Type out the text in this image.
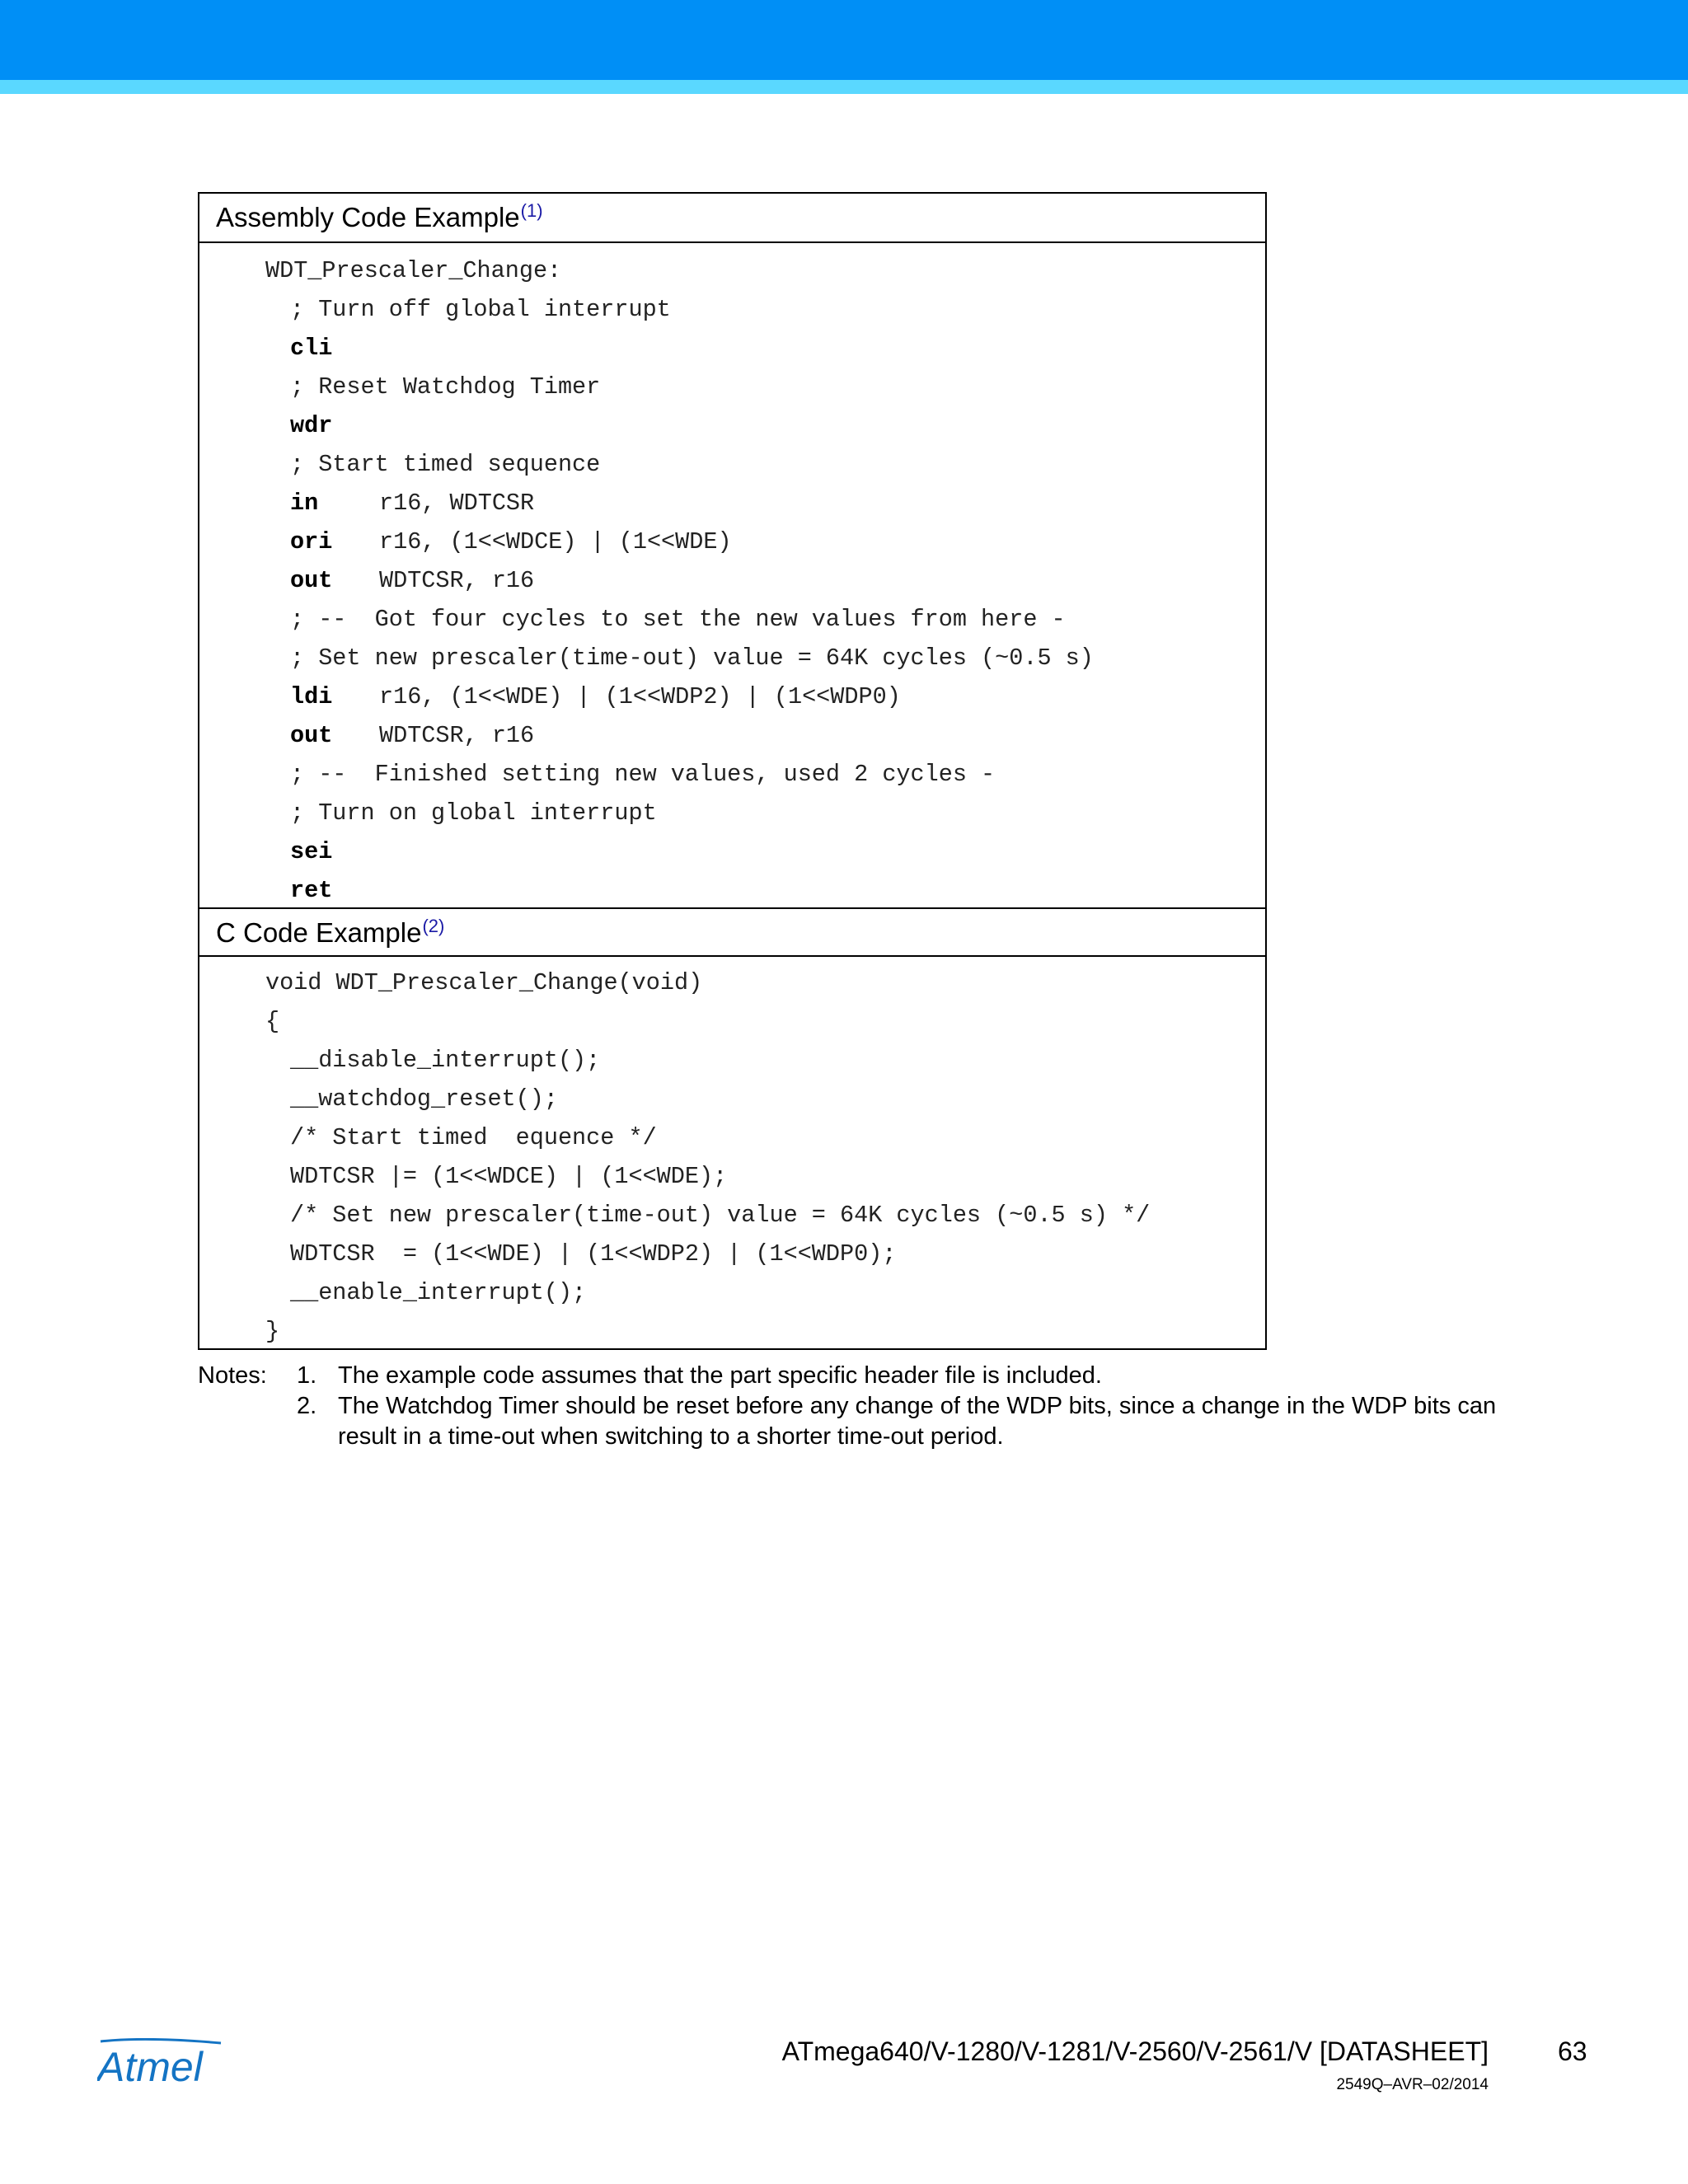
Assembly Code Example$^{(1)}$
WDT_Prescaler_Change:
; Turn off global interrupt
cli
; Reset Watchdog Timer
wdr
; Start timed sequence
in	r16, WDTCSR
ori r16, (1<<WDCE) | (1<<WDE)
out WDTCSR, r16
; --  Got four cycles to set the new values from here -
; Set new prescaler(time-out) value = 64K cycles (~0.5 s)
ldi r16, (1<<WDE) | (1<<WDP2) | (1<<WDP0)
out WDTCSR, r16
; --  Finished setting new values, used 2 cycles -
; Turn on global interrupt
sei
ret
C Code Example$^{(2)}$
void WDT_Prescaler_Change(void)
{
__disable_interrupt();
__watchdog_reset();
/* Start timed  equence */
WDTCSR |= (1<<WDCE) | (1<<WDE);
/* Set new prescaler(time-out) value = 64K cycles (~0.5 s) */
WDTCSR  = (1<<WDE) | (1<<WDP2) | (1<<WDP0);
__enable_interrupt();
}
Notes: 1. The example code assumes that the part specific header file is included.
2. The Watchdog Timer should be reset before any change of the WDP bits, since a change in the WDP bits can result in a time-out when switching to a shorter time-out period.
Atmel	ATmega640/V-1280/V-1281/V-2560/V-2561/V [DATASHEET]	63
2549Q–AVR–02/2014
